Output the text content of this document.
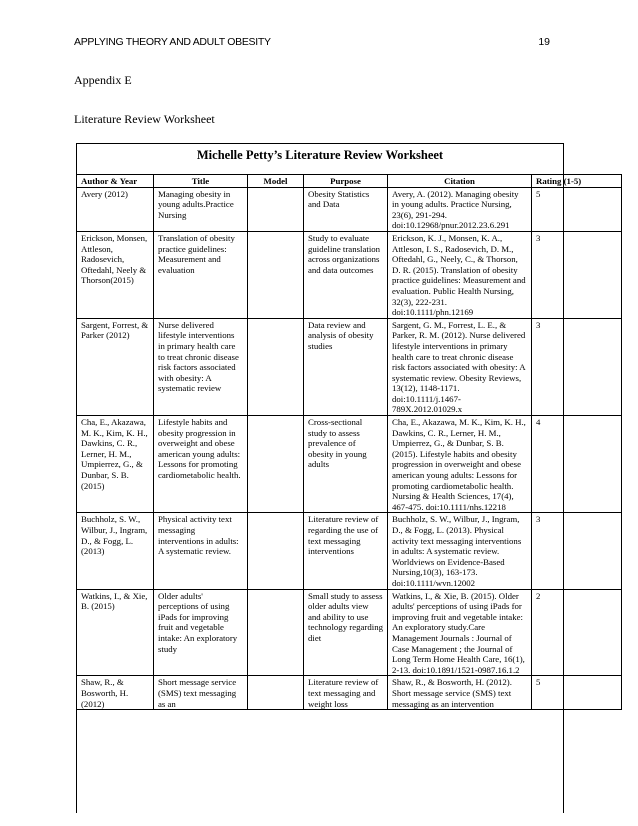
APPLYING THEORY AND ADULT OBESITY	19
Appendix E
Literature Review Worksheet
Michelle Petty’s Literature Review Worksheet
Author & Year	Title	Model	Purpose	Citation	Rating (1-5)
Avery (2012)	Managing obesity in young adults.Practice Nursing		Obesity Statistics and Data	Avery, A. (2012). Managing obesity in young adults. Practice Nursing, 23(6), 291-294. doi:10.12968/pnur.2012.23.6.291	5
Erickson, Monsen, Attleson, Radosevich, Oftedahl, Neely & Thorson(2015)	Translation of obesity practice guidelines: Measurement and evaluation		Study to evaluate guideline translation across organizations and data outcomes	Erickson, K. J., Monsen, K. A., Attleson, I. S., Radosevich, D. M., Oftedahl, G., Neely, C., & Thorson, D. R. (2015). Translation of obesity practice guidelines: Measurement and evaluation. Public Health Nursing, 32(3), 222-231. doi:10.1111/phn.12169	3
Sargent, Forrest, & Parker (2012)	Nurse delivered lifestyle interventions in primary health care to treat chronic disease risk factors associated with obesity: A systematic review		Data review and analysis of obesity studies	Sargent, G. M., Forrest, L. E., & Parker, R. M. (2012). Nurse delivered lifestyle interventions in primary health care to treat chronic disease risk factors associated with obesity: A systematic review. Obesity Reviews, 13(12), 1148-1171. doi:10.1111/j.1467-789X.2012.01029.x	3
Cha, E., Akazawa, M. K., Kim, K. H., Dawkins, C. R., Lerner, H. M., Umpierrez, G., & Dunbar, S. B. (2015)	Lifestyle habits and obesity progression in overweight and obese american young adults: Lessons for promoting cardiometabolic health.		Cross-sectional study to assess prevalence of obesity in young adults	Cha, E., Akazawa, M. K., Kim, K. H., Dawkins, C. R., Lerner, H. M., Umpierrez, G., & Dunbar, S. B. (2015). Lifestyle habits and obesity progression in overweight and obese american young adults: Lessons for promoting cardiometabolic health. Nursing & Health Sciences, 17(4), 467-475. doi:10.1111/nhs.12218	4
Buchholz, S. W., Wilbur, J., Ingram, D., & Fogg, L. (2013)	Physical activity text messaging interventions in adults: A systematic review.		Literature review of regarding the use of text messaging interventions	Buchholz, S. W., Wilbur, J., Ingram, D., & Fogg, L. (2013). Physical activity text messaging interventions in adults: A systematic review. Worldviews on Evidence-Based Nursing,10(3), 163-173. doi:10.1111/wvn.12002	3
Watkins, I., & Xie, B. (2015)	Older adults' perceptions of using iPads for improving fruit and vegetable intake: An exploratory study		Small study to assess older adults view and ability to use technology regarding diet	Watkins, I., & Xie, B. (2015). Older adults' perceptions of using iPads for improving fruit and vegetable intake: An exploratory study.Care Management Journals : Journal of Case Management ; the Journal of Long Term Home Health Care, 16(1), 2-13. doi:10.1891/1521-0987.16.1.2	2
Shaw, R., & Bosworth, H. (2012)	Short message service (SMS) text messaging as an		Literature review of text messaging and weight loss	Shaw, R., & Bosworth, H. (2012). Short message service (SMS) text messaging as an intervention	5
